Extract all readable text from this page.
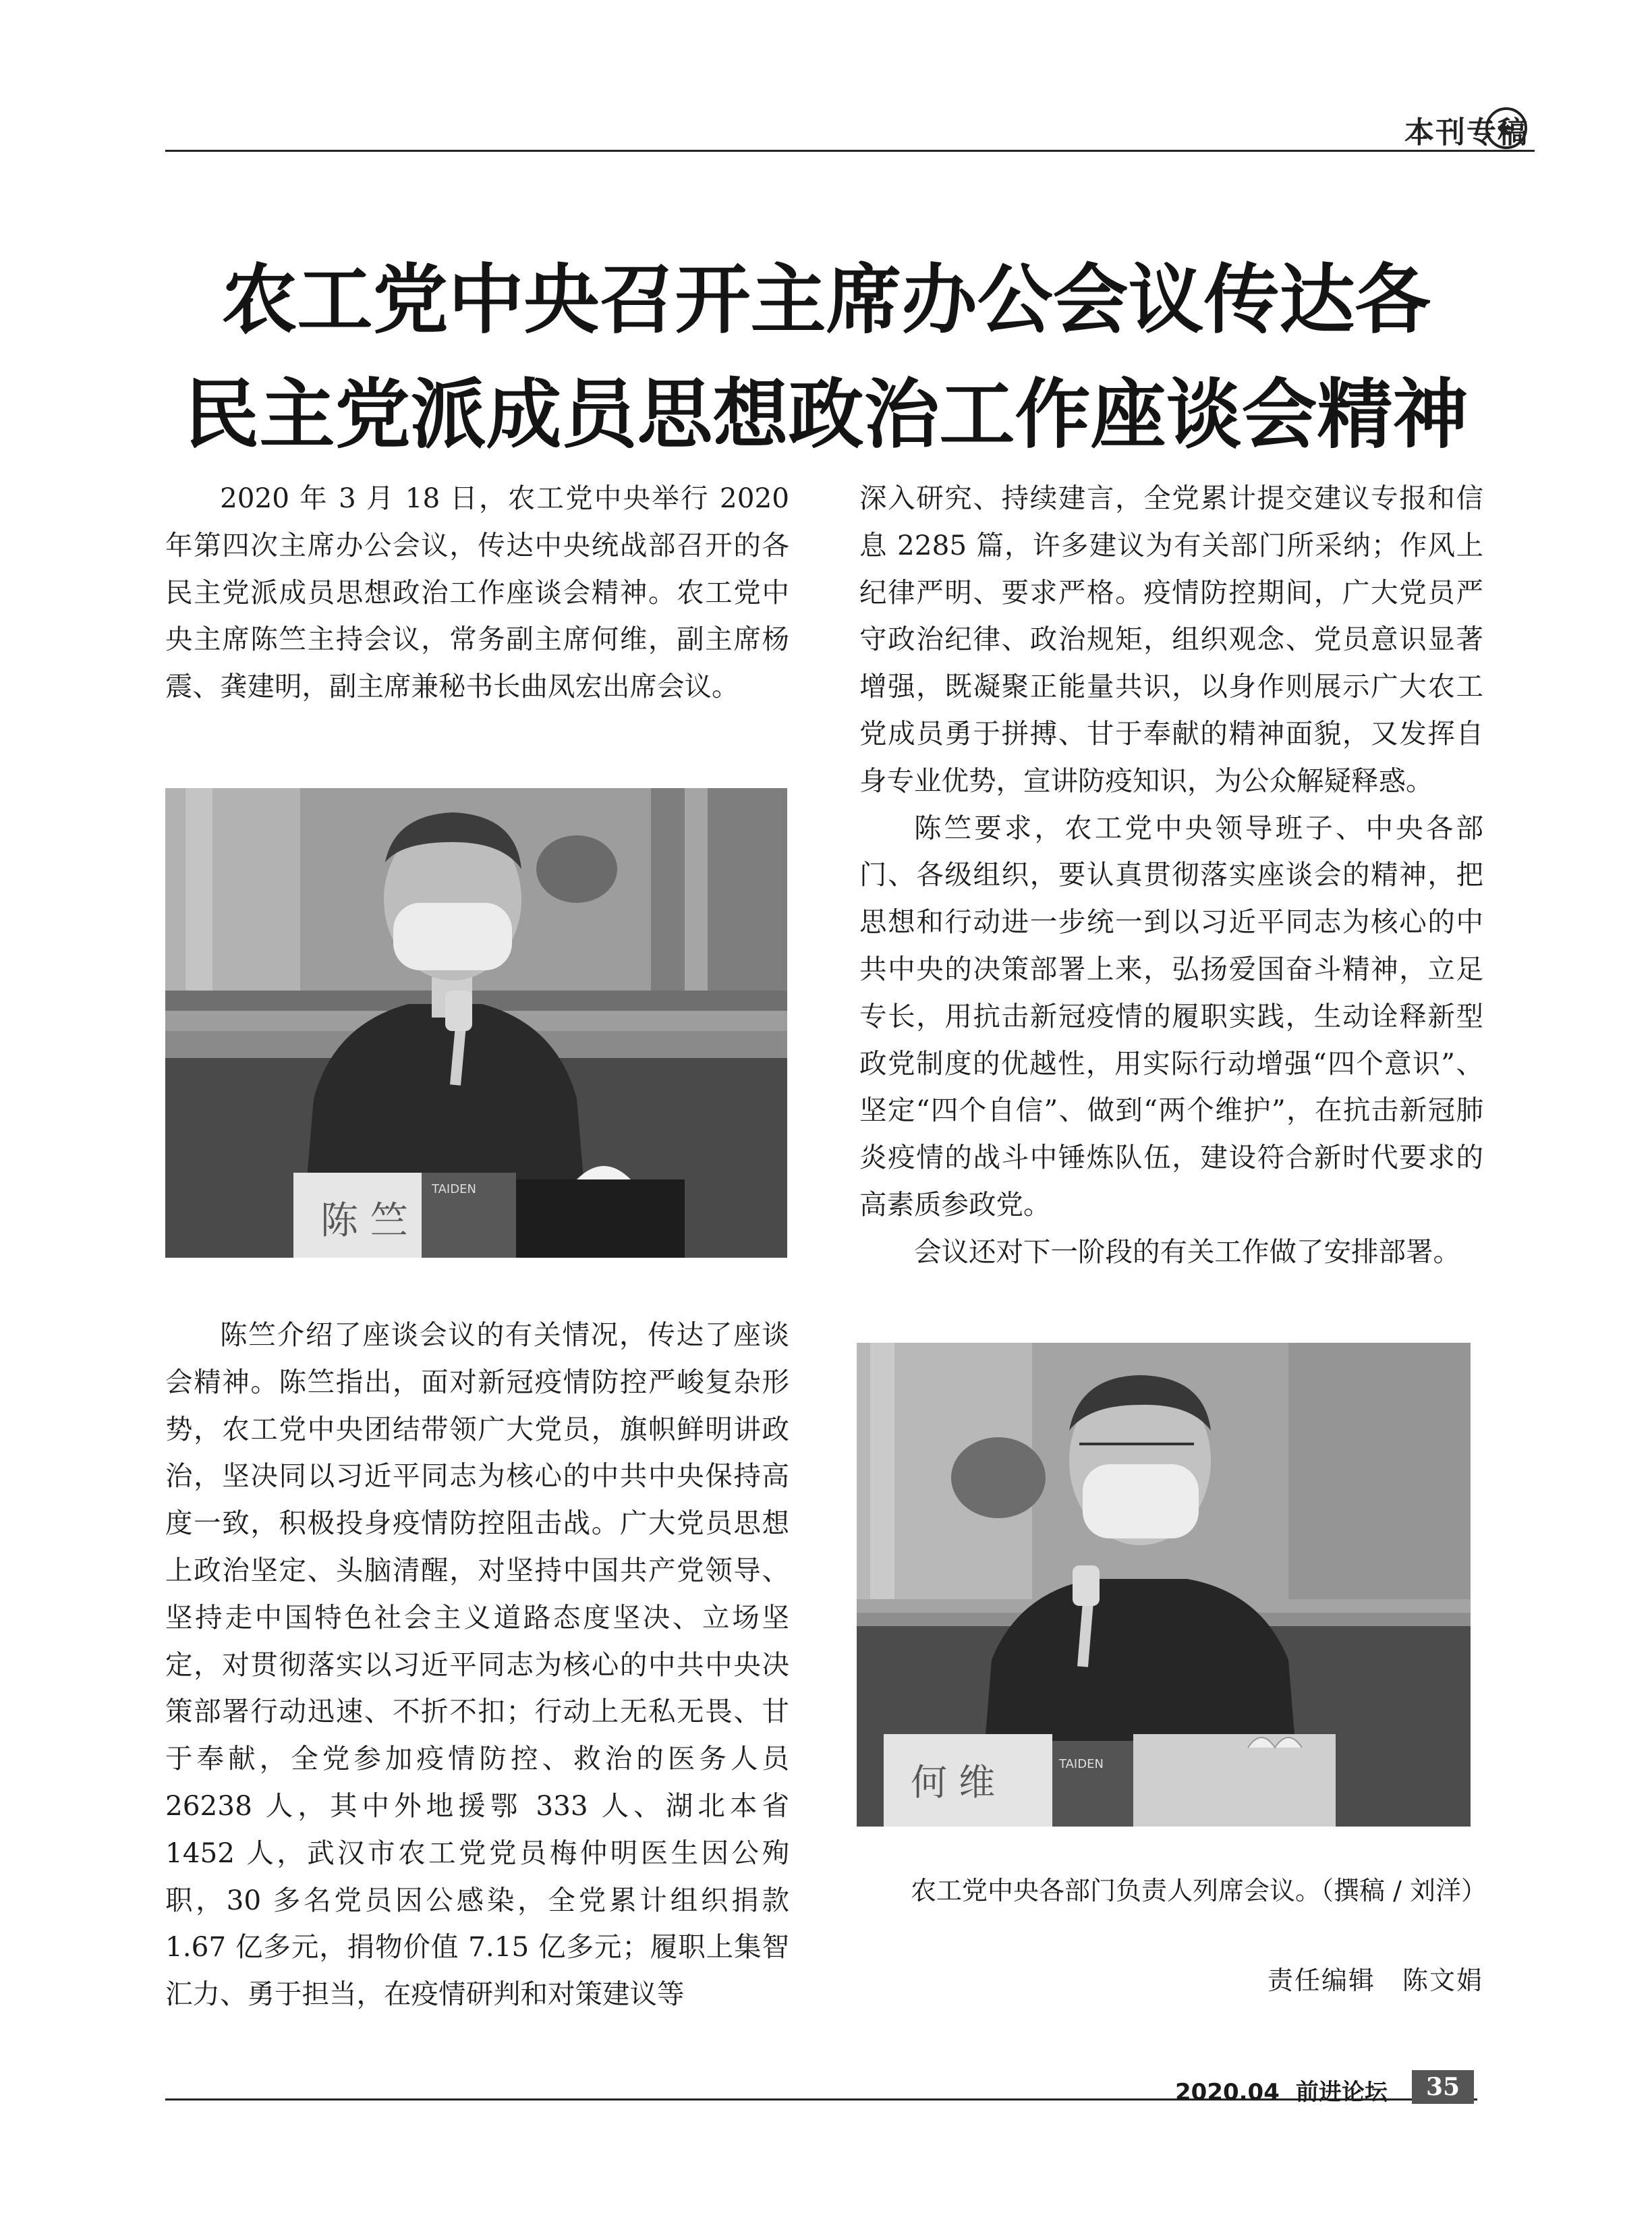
本刊专稿
农工党中央召开主席办公会议传达各
民主党派成员思想政治工作座谈会精神

2020 年 3 月 18 日，农工党中央举行 2020 年第四次主席办公会议，传达中央统战部召开的各民主党派成员思想政治工作座谈会精神。农工党中央主席陈竺主持会议，常务副主席何维，副主席杨震、龚建明，副主席兼秘书长曲凤宏出席会议。

陈 竺
TAIDEN

陈竺介绍了座谈会议的有关情况，传达了座谈会精神。陈竺指出，面对新冠疫情防控严峻复杂形势，农工党中央团结带领广大党员，旗帜鲜明讲政治，坚决同以习近平同志为核心的中共中央保持高度一致，积极投身疫情防控阻击战。广大党员思想上政治坚定、头脑清醒，对坚持中国共产党领导、坚持走中国特色社会主义道路态度坚决、立场坚定，对贯彻落实以习近平同志为核心的中共中央决策部署行动迅速、不折不扣；行动上无私无畏、甘于奉献，全党参加疫情防控、救治的医务人员 26238 人，其中外地援鄂 333 人、湖北本省 1452 人，武汉市农工党党员梅仲明医生因公殉职，30 多名党员因公感染，全党累计组织捐款 1.67 亿多元，捐物价值 7.15 亿多元；履职上集智汇力、勇于担当，在疫情研判和对策建议等

深入研究、持续建言，全党累计提交建议专报和信息 2285 篇，许多建议为有关部门所采纳；作风上纪律严明、要求严格。疫情防控期间，广大党员严守政治纪律、政治规矩，组织观念、党员意识显著增强，既凝聚正能量共识，以身作则展示广大农工党成员勇于拼搏、甘于奉献的精神面貌，又发挥自身专业优势，宣讲防疫知识，为公众解疑释惑。

陈竺要求，农工党中央领导班子、中央各部门、各级组织，要认真贯彻落实座谈会的精神，把思想和行动进一步统一到以习近平同志为核心的中共中央的决策部署上来，弘扬爱国奋斗精神，立足专长，用抗击新冠疫情的履职实践，生动诠释新型政党制度的优越性，用实际行动增强“四个意识”、坚定“四个自信”、做到“两个维护”，在抗击新冠肺炎疫情的战斗中锤炼队伍，建设符合新时代要求的高素质参政党。

会议还对下一阶段的有关工作做了安排部署。

何 维	TAIDEN

农工党中央各部门负责人列席会议。（撰稿 / 刘洋）

责任编辑　陈文娟
2020.04 前进论坛	35
